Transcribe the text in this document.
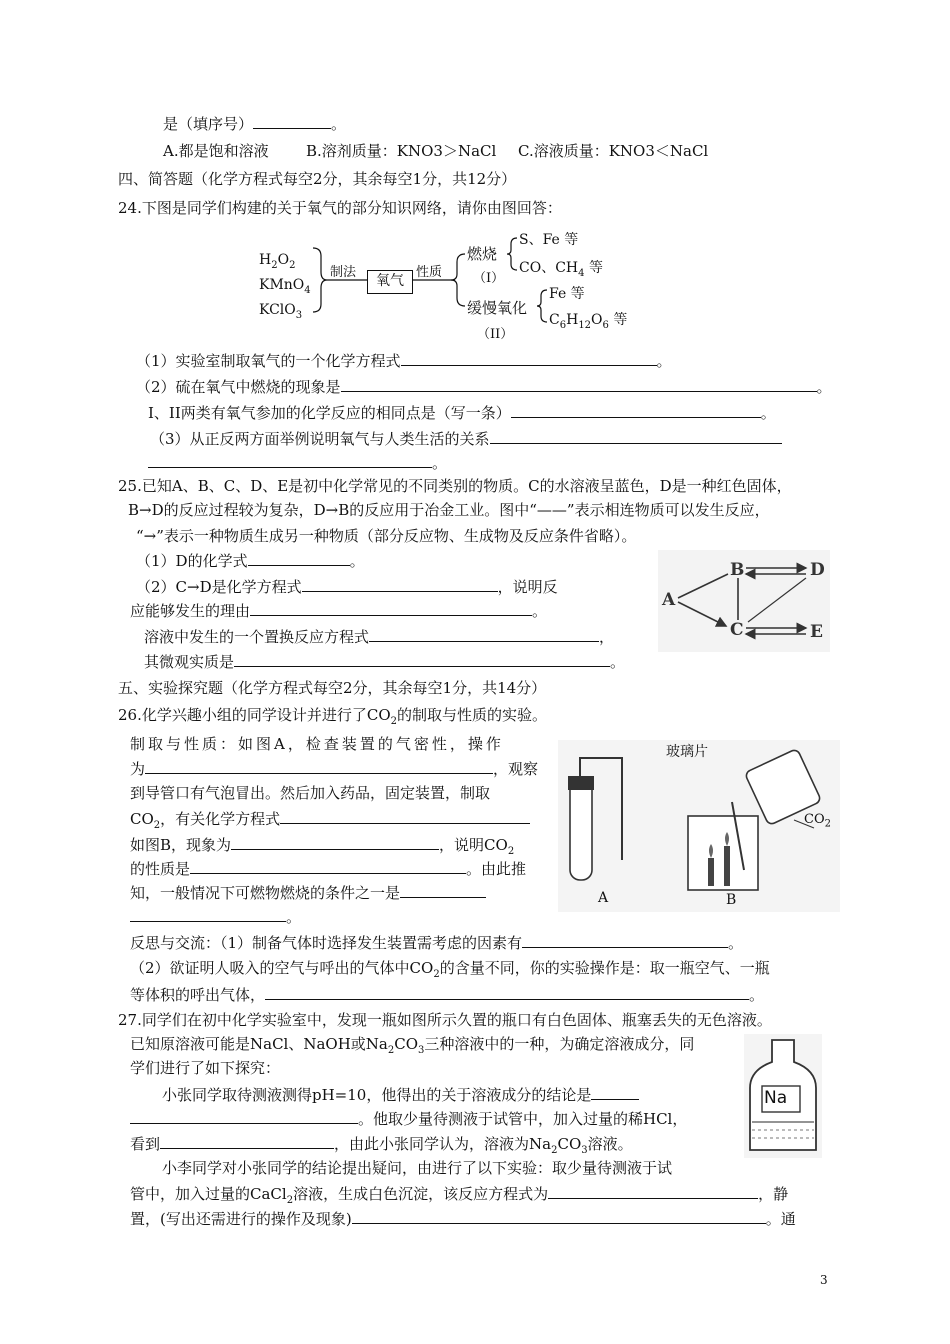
是（填序号）	。
A.都是饱和溶液 B.溶剂质量：KNO3＞NaCl C.溶液质量：KNO3＜NaCl
四、简答题（化学方程式每空2分，其余每空1分，共12分）
24.下图是同学们构建的关于氧气的部分知识网络，请你由图回答：
$H_2O_2$
KMnO$_4$
KClO$_3$
制法
氧气
性质
燃烧
S、Fe 等
CO、$CH_4$ 等
（I）
缓慢氧化
Fe 等
$C_6H_{12}O_6$ 等
（II）
（1）实验室制取氧气的一个化学方程式	。
（2）硫在氧气中燃烧的现象是	。
I、II两类有氧气参加的化学反应的相同点是（写一条）	。
（3）从正反两方面举例说明氧气与人类生活的关系
。
25.已知A、B、C、D、E是初中化学常见的不同类别的物质。C的水溶液呈蓝色，D是一种红色固体，
B→D的反应过程较为复杂，D→B的反应用于冶金工业。图中“——”表示相连物质可以发生反应，
“→”表示一种物质生成另一种物质（部分反应物、生成物及反应条件省略）。
（1）D的化学式	。
（2）C→D是化学方程式	，说明反
应能够发生的理由	。
溶液中发生的一个置换反应方程式	，
其微观实质是	。
A
B
C
D
E
五、实验探究题（化学方程式每空2分，其余每空1分，共14分）
26.化学兴趣小组的同学设计并进行了$CO_2$的制取与性质的实验。
制取与性质：如图A，检查装置的气密性，操作
为	，观察
到导管口有气泡冒出。然后加入药品，固定装置，制取
$CO_2$，有关化学方程式
如图B，现象为	，说明$CO_2$
的性质是	。由此推
知，一般情况下可燃物燃烧的条件之一是
。
玻璃片
$CO_2$
A	B
反思与交流：（1）制备气体时选择发生装置需考虑的因素有	。
（2）欲证明人吸入的空气与呼出的气体中$CO_2$的含量不同，你的实验操作是：取一瓶空气、一瓶
等体积的呼出气体，	。
27.同学们在初中化学实验室中，发现一瓶如图所示久置的瓶口有白色固体、瓶塞丢失的无色溶液。
已知原溶液可能是NaCl、NaOH或$Na_2CO_3$三种溶液中的一种，为确定溶液成分，同
学们进行了如下探究：
小张同学取待测液测得pH=10，他得出的关于溶液成分的结论是
。他取少量待测液于试管中，加入过量的稀HCl，
看到	，由此小张同学认为，溶液为$Na_2CO_3$溶液。
小李同学对小张同学的结论提出疑问，由进行了以下实验：取少量待测液于试
管中，加入过量的CaCl$_2$溶液，生成白色沉淀，该反应方程式为	，静
置，(写出还需进行的操作及现象)	。通
Na
3
